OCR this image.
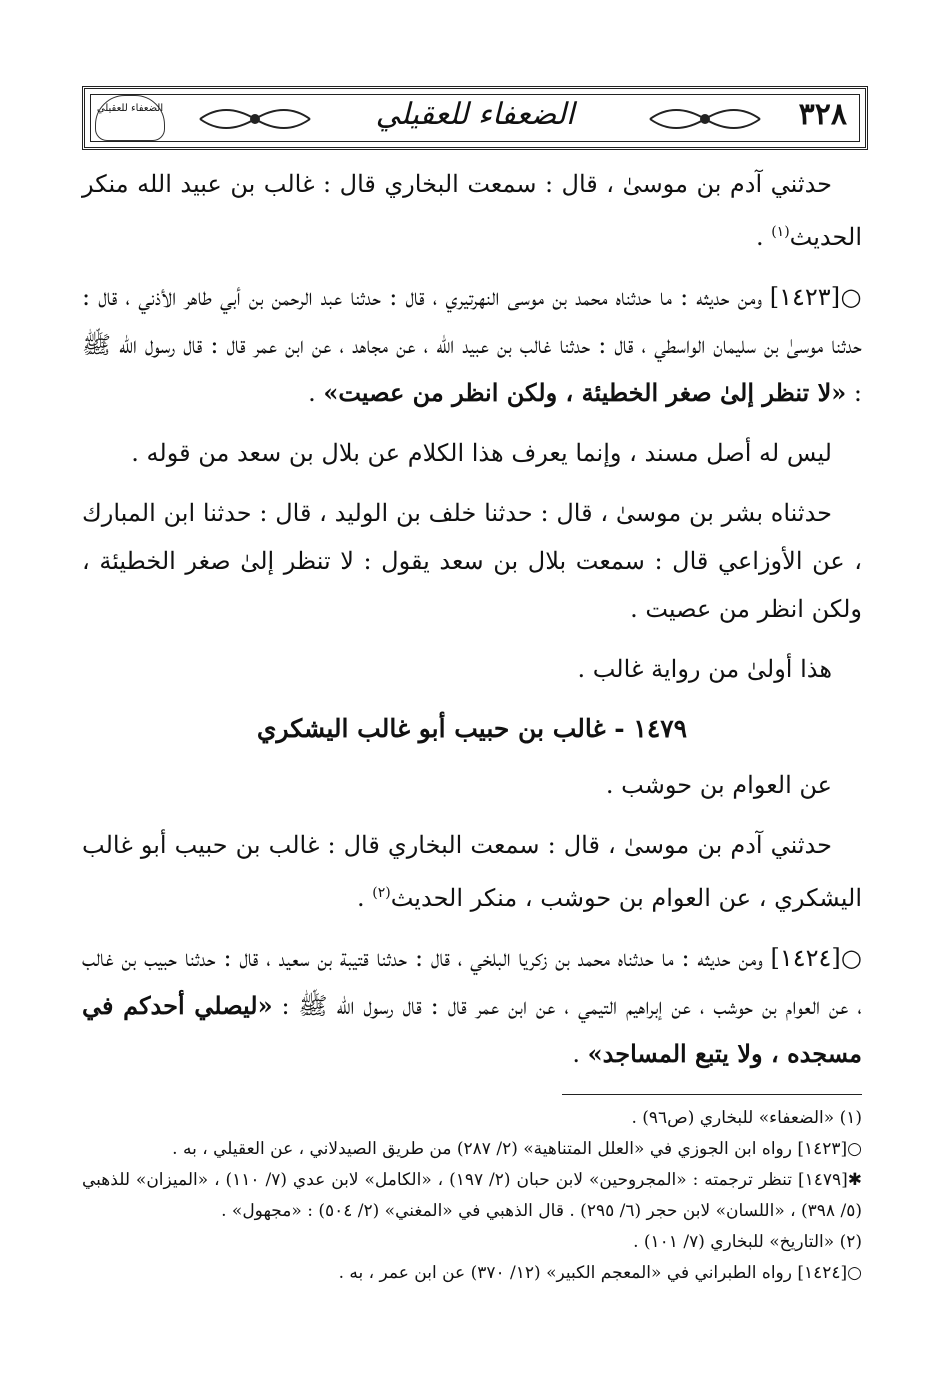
٣٢٨
الضعفاء للعقيلي
الضعفاء للعقيلي

حدثني آدم بن موسىٰ ، قال : سمعت البخاري قال : غالب بن عبيد الله منكر الحديث$^{(١)}$ .

○[١٤٢٣] ومن حديثه : ما حدثناه محمد بن موسى النهرتيري ، قال : حدثنا عبد الرحمن بن أبي طاهر الأذني ، قال : حدثنا موسىٰ بن سليمان الواسطي ، قال : حدثنا غالب بن عبيد الله ، عن مجاهد ، عن ابن عمر قال : قال رسول الله ﷺ : «لا تنظر إلىٰ صغر الخطيئة ، ولكن انظر من عصيت» .

ليس له أصل مسند ، وإنما يعرف هذا الكلام عن بلال بن سعد من قوله .

حدثناه بشر بن موسىٰ ، قال : حدثنا خلف بن الوليد ، قال : حدثنا ابن المبارك ، عن الأوزاعي قال : سمعت بلال بن سعد يقول : لا تنظر إلىٰ صغر الخطيئة ، ولكن انظر من عصيت .

هذا أولىٰ من رواية غالب .

١٤٧٩ - غالب بن حبيب أبو غالب اليشكري

عن العوام بن حوشب .

حدثني آدم بن موسىٰ ، قال : سمعت البخاري قال : غالب بن حبيب أبو غالب اليشكري ، عن العوام بن حوشب ، منكر الحديث$^{(٢)}$ .

○[١٤٢٤] ومن حديثه : ما حدثناه محمد بن زكريا البلخي ، قال : حدثنا قتيبة بن سعيد ، قال : حدثنا حبيب بن غالب ، عن العوام بن حوشب ، عن إبراهيم التيمي ، عن ابن عمر قال : قال رسول الله ﷺ : «ليصلي أحدكم في مسجده ، ولا يتبع المساجد» .

(١) «الضعفاء» للبخاري (ص٩٦) .

○[١٤٢٣] رواه ابن الجوزي في «العلل المتناهية» (٢/ ٢٨٧) من طريق الصيدلاني ، عن العقيلي ، به .

✱[١٤٧٩] تنظر ترجمته : «المجروحين» لابن حبان (٢/ ١٩٧) ، «الكامل» لابن عدي (٧/ ١١٠) ، «الميزان» للذهبي (٥/ ٣٩٨) ، «اللسان» لابن حجر (٦/ ٢٩٥) . قال الذهبي في «المغني» (٢/ ٥٠٤) : «مجهول» .

(٢) «التاريخ» للبخاري (٧/ ١٠١) .

○[١٤٢٤] رواه الطبراني في «المعجم الكبير» (١٢/ ٣٧٠) عن ابن عمر ، به .
